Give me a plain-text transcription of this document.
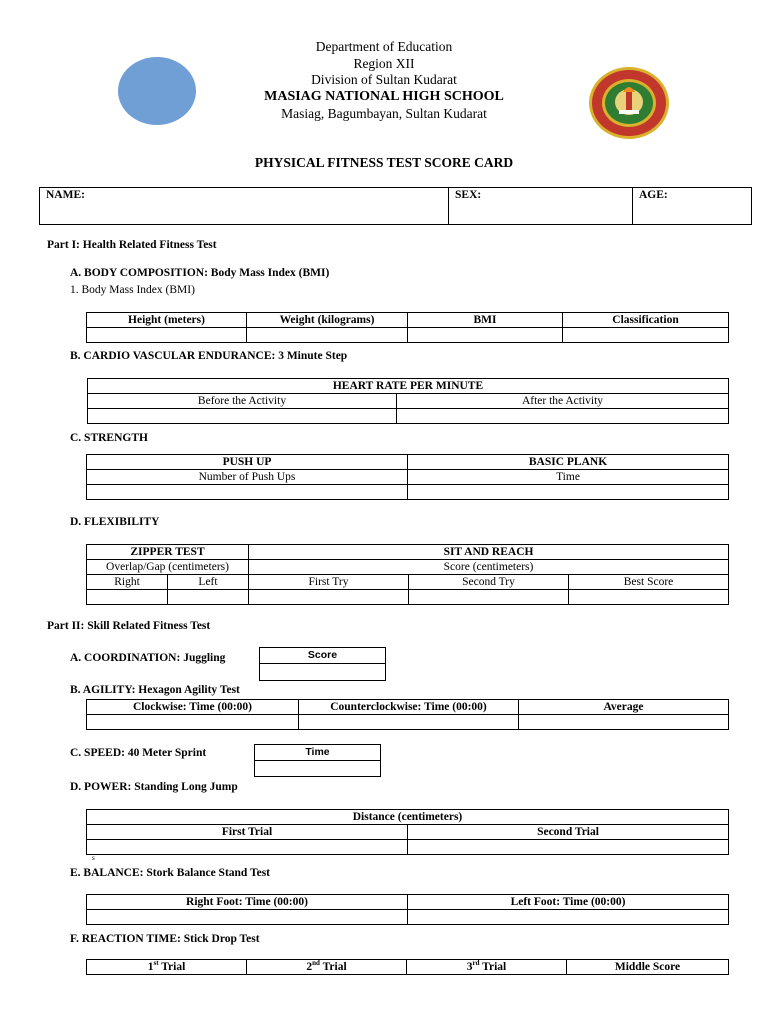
Department of Education
Region XII
Division of Sultan Kudarat
MASIAG NATIONAL HIGH SCHOOL
Masiag, Bagumbayan, Sultan Kudarat
PHYSICAL FITNESS TEST SCORE CARD
NAME:	SEX:	AGE:
Part I: Health Related Fitness Test
A. BODY COMPOSITION: Body Mass Index (BMI)
1. Body Mass Index (BMI)
Height (meters)	Weight (kilograms)	BMI	Classification

B. CARDIO VASCULAR ENDURANCE: 3 Minute Step
HEART RATE PER MINUTE	
Before the Activity	After the Activity

C. STRENGTH
PUSH UP	BASIC PLANK
Number of Push Ups	Time

D. FLEXIBILITY
ZIPPER TEST		SIT AND REACH		
Overlap/Gap (centimeters)		Score (centimeters)		
Right	Left	First Try	Second Try	Best Score

Part II: Skill Related Fitness Test
A. COORDINATION: Juggling	Score
B. AGILITY: Hexagon Agility Test
Clockwise: Time (00:00)	Counterclockwise: Time (00:00)	Average

C. SPEED: 40 Meter Sprint	Time
D. POWER: Standing Long Jump
Distance (centimeters)	
First Trial	Second Trial

s
E. BALANCE: Stork Balance Stand Test
Right Foot: Time (00:00)	Left Foot: Time (00:00)

F. REACTION TIME: Stick Drop Test
1st Trial	2nd Trial	3rd Trial	Middle Score
